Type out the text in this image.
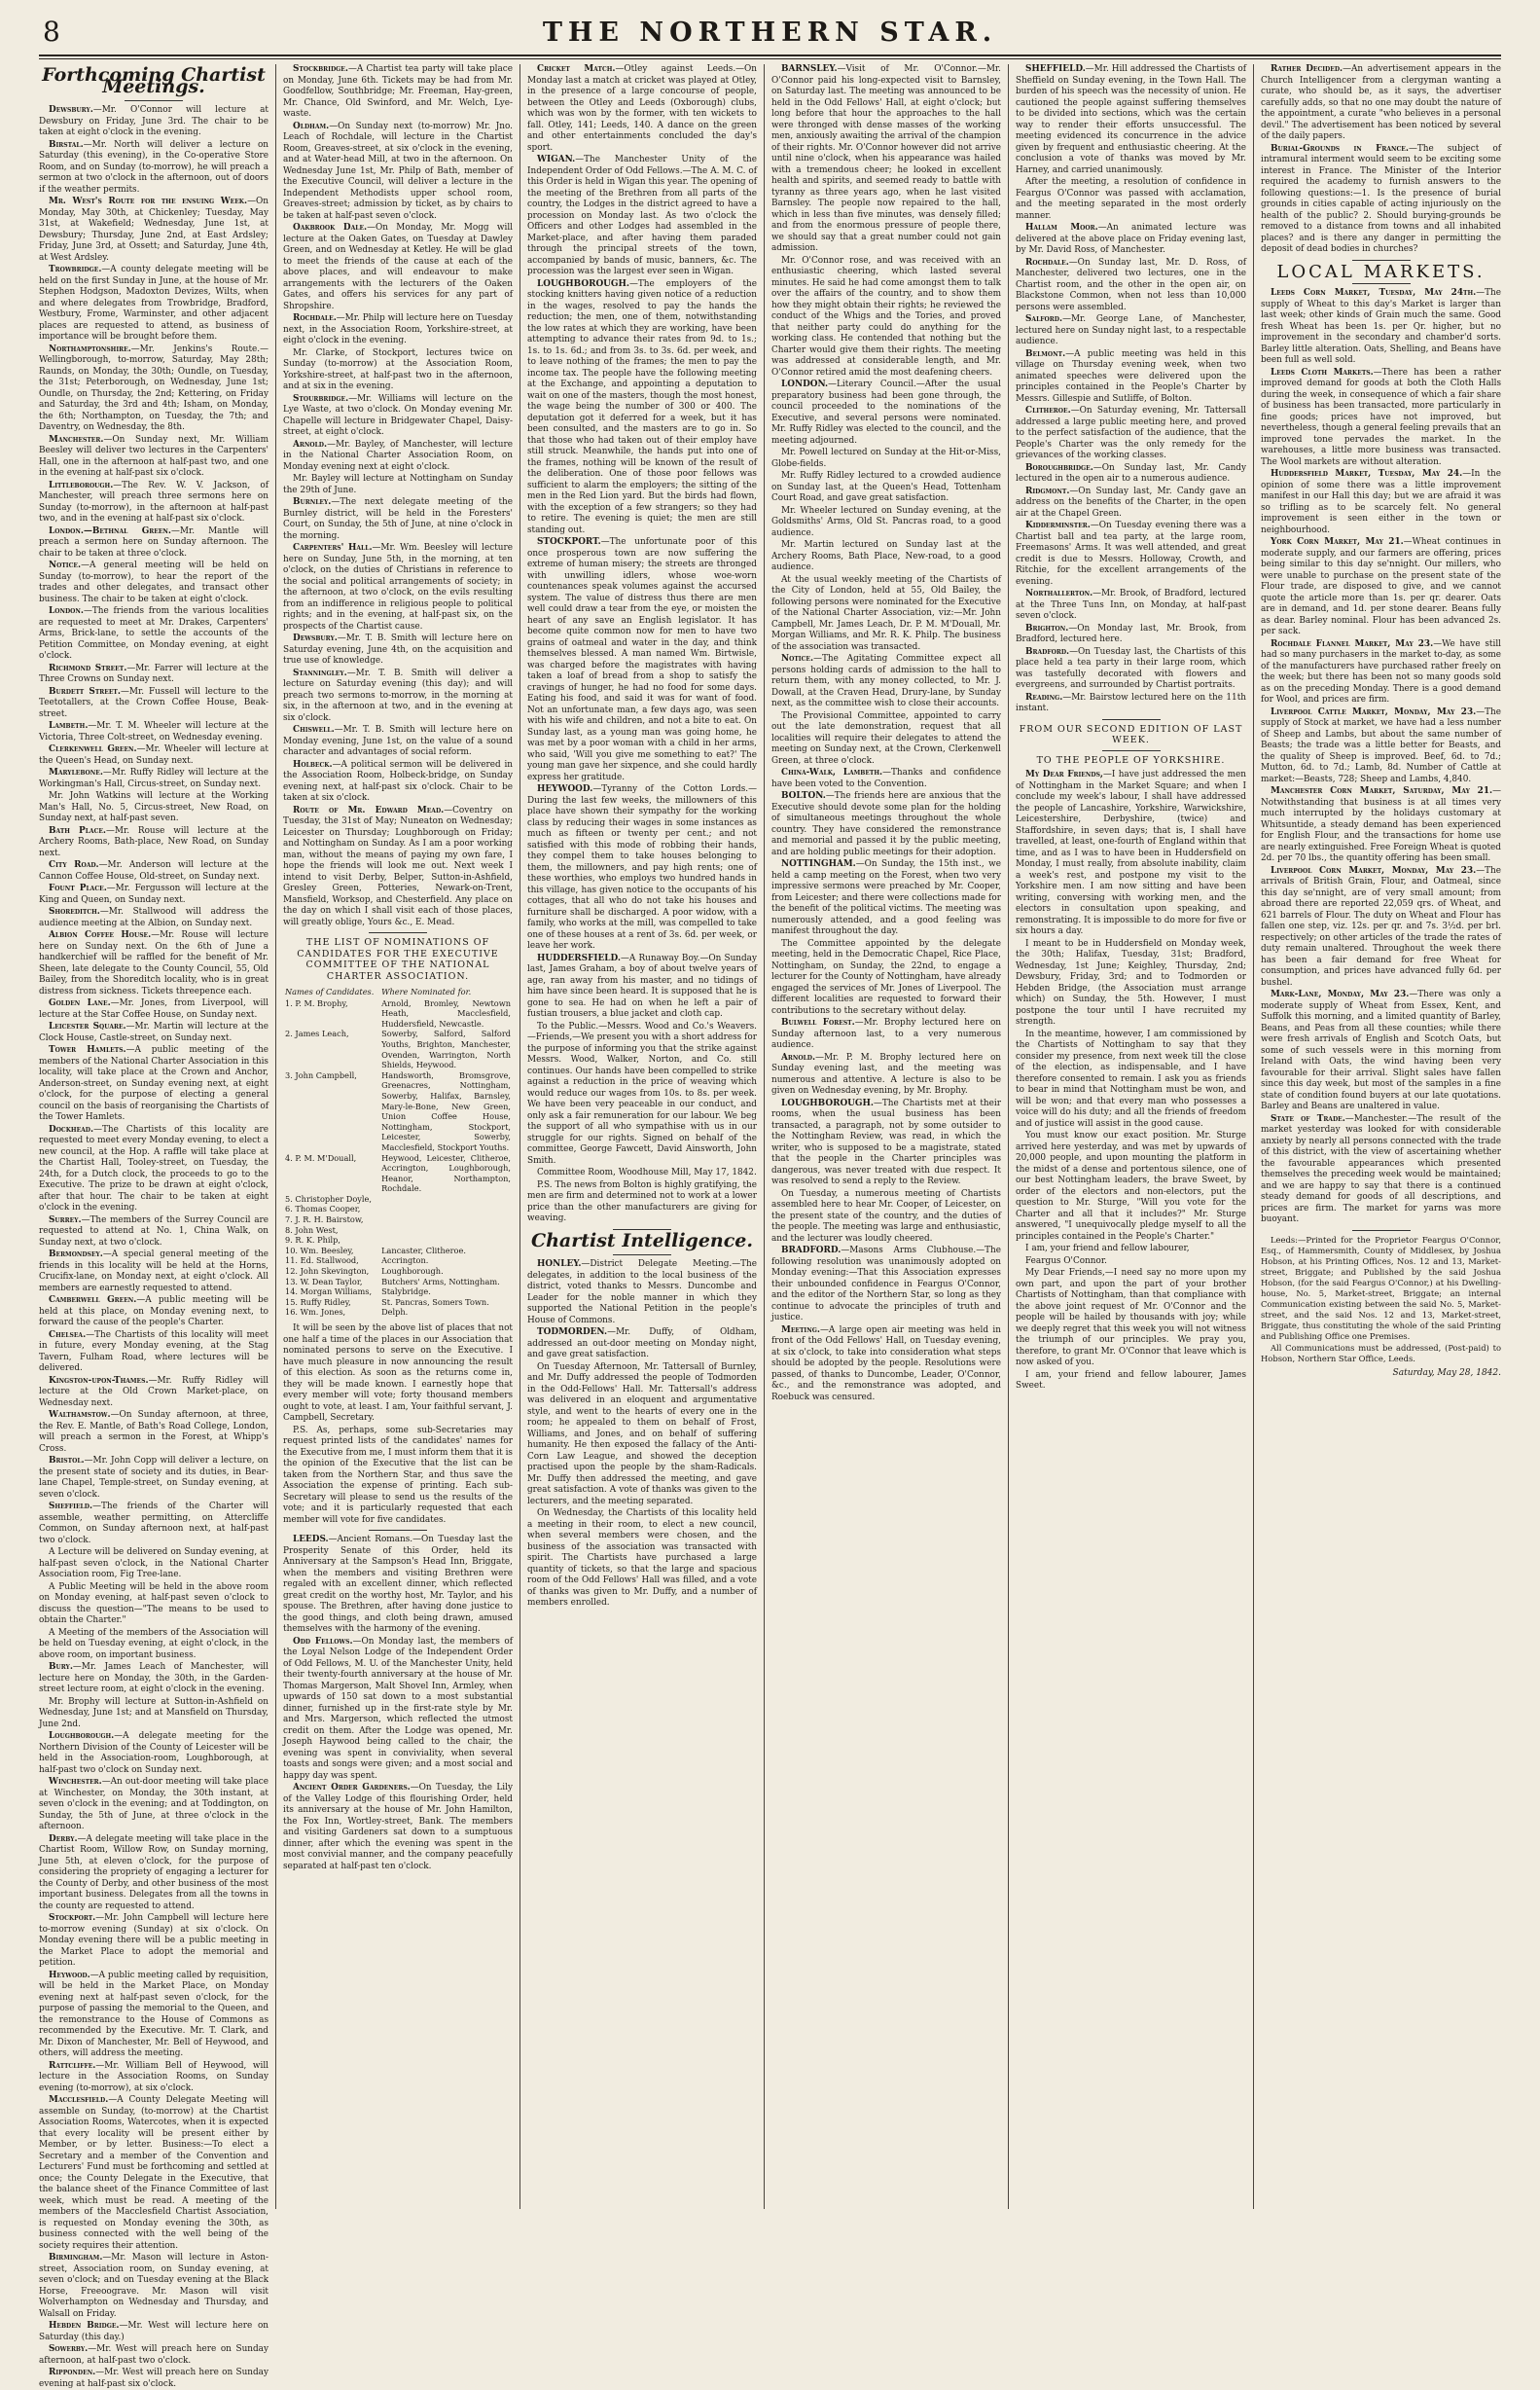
8	THE NORTHERN STAR.
Forthcoming Chartist Meetings.

Dewsbury.—Mr. O'Connor will lecture at Dewsbury on Friday, June 3rd. The chair to be taken at eight o'clock in the evening.

Birstal.—Mr. North will deliver a lecture on Saturday (this evening), in the Co-operative Store Room, and on Sunday (to-morrow), he will preach a sermon at two o'clock in the afternoon, out of doors if the weather permits.

Mr. West's Route for the ensuing Week.—On Monday, May 30th, at Chickenley; Tuesday, May 31st, at Wakefield; Wednesday, June 1st, at Dewsbury; Thursday, June 2nd, at East Ardsley; Friday, June 3rd, at Ossett; and Saturday, June 4th, at West Ardsley.

Trowbridge.—A county delegate meeting will be held on the first Sunday in June, at the house of Mr. Stephen Hodgson, Madoxton Devizes, Wilts, when and where delegates from Trowbridge, Bradford, Westbury, Frome, Warminster, and other adjacent places are requested to attend, as business of importance will be brought before them.

Northamptonshire.—Mr. Jenkins's Route.—Wellingborough, to-morrow, Saturday, May 28th; Raunds, on Monday, the 30th; Oundle, on Tuesday, the 31st; Peterborough, on Wednesday, June 1st; Oundle, on Thursday, the 2nd; Kettering, on Friday and Saturday, the 3rd and 4th; Isham, on Monday, the 6th; Northampton, on Tuesday, the 7th; and Daventry, on Wednesday, the 8th.

Manchester.—On Sunday next, Mr. William Beesley will deliver two lectures in the Carpenters' Hall, one in the afternoon at half-past two, and one in the evening at half-past six o'clock.

Littleborough.—The Rev. W. V. Jackson, of Manchester, will preach three sermons here on Sunday (to-morrow), in the afternoon at half-past two, and in the evening at half-past six o'clock.

London.—Bethnal Green.—Mr. Mantle will preach a sermon here on Sunday afternoon. The chair to be taken at three o'clock.

Notice.—A general meeting will be held on Sunday (to-morrow), to hear the report of the trades and other delegates, and transact other business. The chair to be taken at eight o'clock.

London.—The friends from the various localities are requested to meet at Mr. Drakes, Carpenters' Arms, Brick-lane, to settle the accounts of the Petition Committee, on Monday evening, at eight o'clock.

Richmond Street.—Mr. Farrer will lecture at the Three Crowns on Sunday next.

Burdett Street.—Mr. Fussell will lecture to the Teetotallers, at the Crown Coffee House, Beak-street.

Lambeth.—Mr. T. M. Wheeler will lecture at the Victoria, Three Colt-street, on Wednesday evening.

Clerkenwell Green.—Mr. Wheeler will lecture at the Queen's Head, on Sunday next.

Marylebone.—Mr. Ruffy Ridley will lecture at the Workingman's Hall, Circus-street, on Sunday next.

Mr. John Watkins will lecture at the Working Man's Hall, No. 5, Circus-street, New Road, on Sunday next, at half-past seven.

Bath Place.—Mr. Rouse will lecture at the Archery Rooms, Bath-place, New Road, on Sunday next.

City Road.—Mr. Anderson will lecture at the Cannon Coffee House, Old-street, on Sunday next.

Fount Place.—Mr. Fergusson will lecture at the King and Queen, on Sunday next.

Shoreditch.—Mr. Stallwood will address the audience meeting at the Albion, on Sunday next.

Albion Coffee House.—Mr. Rouse will lecture here on Sunday next. On the 6th of June a handkerchief will be raffled for the benefit of Mr. Sheen, late delegate to the County Council, 55, Old Bailey, from the Shoreditch locality, who is in great distress from sickness. Tickets threepence each.

Golden Lane.—Mr. Jones, from Liverpool, will lecture at the Star Coffee House, on Sunday next.

Leicester Square.—Mr. Martin will lecture at the Clock House, Castle-street, on Sunday next.

Tower Hamlets.—A public meeting of the members of the National Charter Association in this locality, will take place at the Crown and Anchor, Anderson-street, on Sunday evening next, at eight o'clock, for the purpose of electing a general council on the basis of reorganising the Chartists of the Tower Hamlets.

Dockhead.—The Chartists of this locality are requested to meet every Monday evening, to elect a new council, at the Hop. A raffle will take place at the Chartist Hall, Tooley-street, on Tuesday, the 24th, for a Dutch clock, the proceeds to go to the Executive. The prize to be drawn at eight o'clock, after that hour. The chair to be taken at eight o'clock in the evening.

Surrey.—The members of the Surrey Council are requested to attend at No. 1, China Walk, on Sunday next, at two o'clock.

Bermondsey.—A special general meeting of the friends in this locality will be held at the Horns, Crucifix-lane, on Monday next, at eight o'clock. All members are earnestly requested to attend.

Camberwell Green.—A public meeting will be held at this place, on Monday evening next, to forward the cause of the people's Charter.

Chelsea.—The Chartists of this locality will meet in future, every Monday evening, at the Stag Tavern, Fulham Road, where lectures will be delivered.

Kingston-upon-Thames.—Mr. Ruffy Ridley will lecture at the Old Crown Market-place, on Wednesday next.

Walthamstow.—On Sunday afternoon, at three, the Rev. E. Mantle, of Bath's Road College, London, will preach a sermon in the Forest, at Whipp's Cross.

Bristol.—Mr. John Copp will deliver a lecture, on the present state of society and its duties, in Bear-lane Chapel, Temple-street, on Sunday evening, at seven o'clock.

Sheffield.—The friends of the Charter will assemble, weather permitting, on Attercliffe Common, on Sunday afternoon next, at half-past two o'clock.

A Lecture will be delivered on Sunday evening, at half-past seven o'clock, in the National Charter Association room, Fig Tree-lane.

A Public Meeting will be held in the above room on Monday evening, at half-past seven o'clock to discuss the question—"The means to be used to obtain the Charter."

A Meeting of the members of the Association will be held on Tuesday evening, at eight o'clock, in the above room, on important business.

Bury.—Mr. James Leach of Manchester, will lecture here on Monday, the 30th, in the Garden-street lecture room, at eight o'clock in the evening.

Mr. Brophy will lecture at Sutton-in-Ashfield on Wednesday, June 1st; and at Mansfield on Thursday, June 2nd.

Loughborough.—A delegate meeting for the Northern Division of the County of Leicester will be held in the Association-room, Loughborough, at half-past two o'clock on Sunday next.

Winchester.—An out-door meeting will take place at Winchester, on Monday, the 30th instant, at seven o'clock in the evening; and at Toddington, on Sunday, the 5th of June, at three o'clock in the afternoon.

Derby.—A delegate meeting will take place in the Chartist Room, Willow Row, on Sunday morning, June 5th, at eleven o'clock, for the purpose of considering the propriety of engaging a lecturer for the County of Derby, and other business of the most important business. Delegates from all the towns in the county are requested to attend.

Stockport.—Mr. John Campbell will lecture here to-morrow evening (Sunday) at six o'clock. On Monday evening there will be a public meeting in the Market Place to adopt the memorial and petition.

Heywood.—A public meeting called by requisition, will be held in the Market Place, on Monday evening next at half-past seven o'clock, for the purpose of passing the memorial to the Queen, and the remonstrance to the House of Commons as recommended by the Executive. Mr. T. Clark, and Mr. Dixon of Manchester, Mr. Bell of Heywood, and others, will address the meeting.

Rattcliffe.—Mr. William Bell of Heywood, will lecture in the Association Rooms, on Sunday evening (to-morrow), at six o'clock.

Macclesfield.—A County Delegate Meeting will assemble on Sunday, (to-morrow) at the Chartist Association Rooms, Watercotes, when it is expected that every locality will be present either by Member, or by letter. Business:—To elect a Secretary and a member of the Convention and Lecturers' Fund must be forthcoming and settled at once; the County Delegate in the Executive, that the balance sheet of the Finance Committee of last week, which must be read. A meeting of the members of the Macclesfield Chartist Association, is requested on Monday evening the 30th, as business connected with the well being of the society requires their attention.

Birmingham.—Mr. Mason will lecture in Aston-street, Association room, on Sunday evening, at seven o'clock; and on Tuesday evening at the Black Horse, Freeoograve. Mr. Mason will visit Wolverhampton on Wednesday and Thursday, and Walsall on Friday.

Hebden Bridge.—Mr. West will lecture here on Saturday (this day.)

Sowerby.—Mr. West will preach here on Sunday afternoon, at half-past two o'clock.

Ripponden.—Mr. West will preach here on Sunday evening at half-past six o'clock.

Stockbridge.—A Chartist tea party will take place on Monday, June 6th. Tickets may be had from Mr. Goodfellow, Southbridge; Mr. Freeman, Hay-green, Mr. Chance, Old Swinford, and Mr. Welch, Lye-waste.

Oldham.—On Sunday next (to-morrow) Mr. Jno. Leach of Rochdale, will lecture in the Chartist Room, Greaves-street, at six o'clock in the evening, and at Water-head Mill, at two in the afternoon. On Wednesday June 1st, Mr. Philp of Bath, member of the Executive Council, will deliver a lecture in the Independent Methodists upper school room, Greaves-street; admission by ticket, as by chairs to be taken at half-past seven o'clock.

Oakbrook Dale.—On Monday, Mr. Mogg will lecture at the Oaken Gates, on Tuesday at Dawley Green, and on Wednesday at Ketley. He will be glad to meet the friends of the cause at each of the above places, and will endeavour to make arrangements with the lecturers of the Oaken Gates, and offers his services for any part of Shropshire.

Rochdale.—Mr. Philp will lecture here on Tuesday next, in the Association Room, Yorkshire-street, at eight o'clock in the evening.

Mr. Clarke, of Stockport, lectures twice on Sunday (to-morrow) at the Association Room, Yorkshire-street, at half-past two in the afternoon, and at six in the evening.

Stourbridge.—Mr. Williams will lecture on the Lye Waste, at two o'clock. On Monday evening Mr. Chapelle will lecture in Bridgewater Chapel, Daisy-street, at eight o'clock.

Arnold.—Mr. Bayley, of Manchester, will lecture in the National Charter Association Room, on Monday evening next at eight o'clock.

Mr. Bayley will lecture at Nottingham on Sunday the 29th of June.

Burnley.—The next delegate meeting of the Burnley district, will be held in the Foresters' Court, on Sunday, the 5th of June, at nine o'clock in the morning.

Carpenters' Hall.—Mr. Wm. Beesley will lecture here on Sunday, June 5th, in the morning, at ten o'clock, on the duties of Christians in reference to the social and political arrangements of society; in the afternoon, at two o'clock, on the evils resulting from an indifference in religious people to political rights; and in the evening, at half-past six, on the prospects of the Chartist cause.

Dewsbury.—Mr. T. B. Smith will lecture here on Saturday evening, June 4th, on the acquisition and true use of knowledge.

Stanningley.—Mr. T. B. Smith will deliver a lecture on Saturday evening (this day); and will preach two sermons to-morrow, in the morning at six, in the afternoon at two, and in the evening at six o'clock.

Chiswell.—Mr. T. B. Smith will lecture here on Monday evening, June 1st, on the value of a sound character and advantages of social reform.

Holbeck.—A political sermon will be delivered in the Association Room, Holbeck-bridge, on Sunday evening next, at half-past six o'clock. Chair to be taken at six o'clock.

Route of Mr. Edward Mead.—Coventry on Tuesday, the 31st of May; Nuneaton on Wednesday; Leicester on Thursday; Loughborough on Friday; and Nottingham on Sunday. As I am a poor working man, without the means of paying my own fare, I hope the friends will look me out. Next week I intend to visit Derby, Belper, Sutton-in-Ashfield, Gresley Green, Potteries, Newark-on-Trent, Mansfield, Worksop, and Chesterfield. Any place on the day on which I shall visit each of those places, will greatly oblige, Yours &c., E. Mead.

THE LIST OF NOMINATIONS OF CANDIDATES FOR THE EXECUTIVE COMMITTEE OF THE NATIONAL CHARTER ASSOCIATION.
Names of Candidates.	Where Nominated for.
1. P. M. Brophy,	Arnold, Bromley, Newtown Heath, Macclesfield, Huddersfield, Newcastle.
2. James Leach,	Sowerby, Salford, Salford Youths, Brighton, Manchester, Ovenden, Warrington, North Shields, Heywood.
3. John Campbell,	Handsworth, Bromsgrove, Greenacres, Nottingham, Sowerby, Halifax, Barnsley, Mary-le-Bone, New Green, Union Coffee House, Nottingham, Stockport, Leicester, Sowerby, Macclesfield, Stockport Youths.
4. P. M. M'Douall,	Heywood, Leicester, Clitheroe, Accrington, Loughborough, Heanor, Northampton, Rochdale.
5. Christopher Doyle,	
6. Thomas Cooper,	
7. J. R. H. Bairstow,	
8. John West,	
9. R. K. Philp,	
10. Wm. Beesley,	Lancaster, Clitheroe.
11. Ed. Stallwood,	Accrington.
12. John Skevington,	Loughborough.
13. W. Dean Taylor,	Butchers' Arms, Nottingham.
14. Morgan Williams,	Stalybridge.
15. Ruffy Ridley,	St. Pancras, Somers Town.
16. Wm. Jones,	Delph.

It will be seen by the above list of places that not one half a time of the places in our Association that nominated persons to serve on the Executive. I have much pleasure in now announcing the result of this election. As soon as the returns come in, they will be made known. I earnestly hope that every member will vote; forty thousand members ought to vote, at least. I am, Your faithful servant, J. Campbell, Secretary.

P.S. As, perhaps, some sub-Secretaries may request printed lists of the candidates' names for the Executive from me, I must inform them that it is the opinion of the Executive that the list can be taken from the Northern Star, and thus save the Association the expense of printing. Each sub-Secretary will please to send us the results of the vote; and it is particularly requested that each member will vote for five candidates.

LEEDS.—Ancient Romans.—On Tuesday last the Prosperity Senate of this Order, held its Anniversary at the Sampson's Head Inn, Briggate, when the members and visiting Brethren were regaled with an excellent dinner, which reflected great credit on the worthy host, Mr. Taylor, and his spouse. The Brethren, after having done justice to the good things, and cloth being drawn, amused themselves with the harmony of the evening.

Odd Fellows.—On Monday last, the members of the Loyal Nelson Lodge of the Independent Order of Odd Fellows, M. U. of the Manchester Unity, held their twenty-fourth anniversary at the house of Mr. Thomas Margerson, Malt Shovel Inn, Armley, when upwards of 150 sat down to a most substantial dinner, furnished up in the first-rate style by Mr. and Mrs. Margerson, which reflected the utmost credit on them. After the Lodge was opened, Mr. Joseph Haywood being called to the chair, the evening was spent in conviviality, when several toasts and songs were given; and a most social and happy day was spent.

Ancient Order Gardeners.—On Tuesday, the Lily of the Valley Lodge of this flourishing Order, held its anniversary at the house of Mr. John Hamilton, the Fox Inn, Wortley-street, Bank. The members and visiting Gardeners sat down to a sumptuous dinner, after which the evening was spent in the most convivial manner, and the company peacefully separated at half-past ten o'clock.

Cricket Match.—Otley against Leeds.—On Monday last a match at cricket was played at Otley, in the presence of a large concourse of people, between the Otley and Leeds (Oxborough) clubs, which was won by the former, with ten wickets to fall. Otley, 141; Leeds, 140. A dance on the green and other entertainments concluded the day's sport.

WIGAN.—The Manchester Unity of the Independent Order of Odd Fellows.—The A. M. C. of this Order is held in Wigan this year. The opening of the meeting of the Brethren from all parts of the country, the Lodges in the district agreed to have a procession on Monday last. As two o'clock the Officers and other Lodges had assembled in the Market-place, and after having them paraded through the principal streets of the town, accompanied by bands of music, banners, &c. The procession was the largest ever seen in Wigan.

LOUGHBOROUGH.—The employers of the stocking knitters having given notice of a reduction in the wages, resolved to pay the hands the reduction; the men, one of them, notwithstanding the low rates at which they are working, have been attempting to advance their rates from 9d. to 1s.; 1s. to 1s. 6d.; and from 3s. to 3s. 6d. per week, and to leave nothing of the frames; the men to pay the income tax. The people have the following meeting at the Exchange, and appointing a deputation to wait on one of the masters, though the most honest, the wage being the number of 300 or 400. The deputation got it deferred for a week, but it has been consulted, and the masters are to go in. So that those who had taken out of their employ have still struck. Meanwhile, the hands put into one of the frames, nothing will be known of the result of the deliberation. One of those poor fellows was sufficient to alarm the employers; the sitting of the men in the Red Lion yard. But the birds had flown, with the exception of a few strangers; so they had to retire. The evening is quiet; the men are still standing out.

STOCKPORT.—The unfortunate poor of this once prosperous town are now suffering the extreme of human misery; the streets are thronged with unwilling idlers, whose woe-worn countenances speak volumes against the accursed system. The value of distress thus there are men well could draw a tear from the eye, or moisten the heart of any save an English legislator. It has become quite common now for men to have two grains of oatmeal and water in the day, and think themselves blessed. A man named Wm. Birtwisle, was charged before the magistrates with having taken a loaf of bread from a shop to satisfy the cravings of hunger, he had no food for some days. Eating his food, and said it was for want of food. Not an unfortunate man, a few days ago, was seen with his wife and children, and not a bite to eat. On Sunday last, as a young man was going home, he was met by a poor woman with a child in her arms, who said, 'Will you give me something to eat?' The young man gave her sixpence, and she could hardly express her gratitude.

HEYWOOD.—Tyranny of the Cotton Lords.—During the last few weeks, the millowners of this place have shown their sympathy for the working class by reducing their wages in some instances as much as fifteen or twenty per cent.; and not satisfied with this mode of robbing their hands, they compel them to take houses belonging to them, the millowners, and pay high rents; one of these worthies, who employs two hundred hands in this village, has given notice to the occupants of his cottages, that all who do not take his houses and furniture shall be discharged. A poor widow, with a family, who works at the mill, was compelled to take one of these houses at a rent of 3s. 6d. per week, or leave her work.

HUDDERSFIELD.—A Runaway Boy.—On Sunday last, James Graham, a boy of about twelve years of age, ran away from his master, and no tidings of him have since been heard. It is supposed that he is gone to sea. He had on when he left a pair of fustian trousers, a blue jacket and cloth cap.

To the Public.—Messrs. Wood and Co.'s Weavers.—Friends,—We present you with a short address for the purpose of informing you that the strike against Messrs. Wood, Walker, Norton, and Co. still continues. Our hands have been compelled to strike against a reduction in the price of weaving which would reduce our wages from 10s. to 8s. per week. We have been very peaceable in our conduct, and only ask a fair remuneration for our labour. We beg the support of all who sympathise with us in our struggle for our rights. Signed on behalf of the committee, George Fawcett, David Ainsworth, John Smith.

Committee Room, Woodhouse Mill, May 17, 1842.

P.S. The news from Bolton is highly gratifying, the men are firm and determined not to work at a lower price than the other manufacturers are giving for weaving.

Chartist Intelligence.

HONLEY.—District Delegate Meeting.—The delegates, in addition to the local business of the district, voted thanks to Messrs. Duncombe and Leader for the noble manner in which they supported the National Petition in the people's House of Commons.

TODMORDEN.—Mr. Duffy, of Oldham, addressed an out-door meeting on Monday night, and gave great satisfaction.

On Tuesday Afternoon, Mr. Tattersall of Burnley, and Mr. Duffy addressed the people of Todmorden in the Odd-Fellows' Hall. Mr. Tattersall's address was delivered in an eloquent and argumentative style, and went to the hearts of every one in the room; he appealed to them on behalf of Frost, Williams, and Jones, and on behalf of suffering humanity. He then exposed the fallacy of the Anti-Corn Law League, and showed the deception practised upon the people by the sham-Radicals. Mr. Duffy then addressed the meeting, and gave great satisfaction. A vote of thanks was given to the lecturers, and the meeting separated.

On Wednesday, the Chartists of this locality held a meeting in their room, to elect a new council, when several members were chosen, and the business of the association was transacted with spirit. The Chartists have purchased a large quantity of tickets, so that the large and spacious room of the Odd Fellows' Hall was filled, and a vote of thanks was given to Mr. Duffy, and a number of members enrolled.

BARNSLEY.—Visit of Mr. O'Connor.—Mr. O'Connor paid his long-expected visit to Barnsley, on Saturday last. The meeting was announced to be held in the Odd Fellows' Hall, at eight o'clock; but long before that hour the approaches to the hall were thronged with dense masses of the working men, anxiously awaiting the arrival of the champion of their rights. Mr. O'Connor however did not arrive until nine o'clock, when his appearance was hailed with a tremendous cheer; he looked in excellent health and spirits, and seemed ready to battle with tyranny as three years ago, when he last visited Barnsley. The people now repaired to the hall, which in less than five minutes, was densely filled; and from the enormous pressure of people there, we should say that a great number could not gain admission.

Mr. O'Connor rose, and was received with an enthusiastic cheering, which lasted several minutes. He said he had come amongst them to talk over the affairs of the country, and to show them how they might obtain their rights; he reviewed the conduct of the Whigs and the Tories, and proved that neither party could do anything for the working class. He contended that nothing but the Charter would give them their rights. The meeting was addressed at considerable length, and Mr. O'Connor retired amid the most deafening cheers.

LONDON.—Literary Council.—After the usual preparatory business had been gone through, the council proceeded to the nominations of the Executive, and several persons were nominated. Mr. Ruffy Ridley was elected to the council, and the meeting adjourned.

Mr. Powell lectured on Sunday at the Hit-or-Miss, Globe-fields.

Mr. Ruffy Ridley lectured to a crowded audience on Sunday last, at the Queen's Head, Tottenham Court Road, and gave great satisfaction.

Mr. Wheeler lectured on Sunday evening, at the Goldsmiths' Arms, Old St. Pancras road, to a good audience.

Mr. Martin lectured on Sunday last at the Archery Rooms, Bath Place, New-road, to a good audience.

At the usual weekly meeting of the Chartists of the City of London, held at 55, Old Bailey, the following persons were nominated for the Executive of the National Charter Association, viz:—Mr. John Campbell, Mr. James Leach, Dr. P. M. M'Douall, Mr. Morgan Williams, and Mr. R. K. Philp. The business of the association was transacted.

Notice.—The Agitating Committee expect all persons holding cards of admission to the hall to return them, with any money collected, to Mr. J. Dowall, at the Craven Head, Drury-lane, by Sunday next, as the committee wish to close their accounts.

The Provisional Committee, appointed to carry out the late demonstration, request that all localities will require their delegates to attend the meeting on Sunday next, at the Crown, Clerkenwell Green, at three o'clock.

China-Walk, Lambeth.—Thanks and confidence have been voted to the Convention.

BOLTON.—The friends here are anxious that the Executive should devote some plan for the holding of simultaneous meetings throughout the whole country. They have considered the remonstrance and memorial and passed it by the public meeting, and are holding public meetings for their adoption.

NOTTINGHAM.—On Sunday, the 15th inst., we held a camp meeting on the Forest, when two very impressive sermons were preached by Mr. Cooper, from Leicester; and there were collections made for the benefit of the political victims. The meeting was numerously attended, and a good feeling was manifest throughout the day.

The Committee appointed by the delegate meeting, held in the Democratic Chapel, Rice Place, Nottingham, on Sunday, the 22nd, to engage a lecturer for the County of Nottingham, have already engaged the services of Mr. Jones of Liverpool. The different localities are requested to forward their contributions to the secretary without delay.

Bulwell Forest.—Mr. Brophy lectured here on Sunday afternoon last, to a very numerous audience.

Arnold.—Mr. P. M. Brophy lectured here on Sunday evening last, and the meeting was numerous and attentive. A lecture is also to be given on Wednesday evening, by Mr. Brophy.

LOUGHBOROUGH.—The Chartists met at their rooms, when the usual business has been transacted, a paragraph, not by some outsider to the Nottingham Review, was read, in which the writer, who is supposed to be a magistrate, stated that the people in the Charter principles was dangerous, was never treated with due respect. It was resolved to send a reply to the Review.

On Tuesday, a numerous meeting of Chartists assembled here to hear Mr. Cooper, of Leicester, on the present state of the country, and the duties of the people. The meeting was large and enthusiastic, and the lecturer was loudly cheered.

BRADFORD.—Masons Arms Clubhouse.—The following resolution was unanimously adopted on Monday evening:—That this Association expresses their unbounded confidence in Feargus O'Connor, and the editor of the Northern Star, so long as they continue to advocate the principles of truth and justice.

Meeting.—A large open air meeting was held in front of the Odd Fellows' Hall, on Tuesday evening, at six o'clock, to take into consideration what steps should be adopted by the people. Resolutions were passed, of thanks to Duncombe, Leader, O'Connor, &c., and the remonstrance was adopted, and Roebuck was censured.

SHEFFIELD.—Mr. Hill addressed the Chartists of Sheffield on Sunday evening, in the Town Hall. The burden of his speech was the necessity of union. He cautioned the people against suffering themselves to be divided into sections, which was the certain way to render their efforts unsuccessful. The meeting evidenced its concurrence in the advice given by frequent and enthusiastic cheering. At the conclusion a vote of thanks was moved by Mr. Harney, and carried unanimously.

After the meeting, a resolution of confidence in Feargus O'Connor was passed with acclamation, and the meeting separated in the most orderly manner.

Hallam Moor.—An animated lecture was delivered at the above place on Friday evening last, by Mr. David Ross, of Manchester.

Rochdale.—On Sunday last, Mr. D. Ross, of Manchester, delivered two lectures, one in the Chartist room, and the other in the open air, on Blackstone Common, when not less than 10,000 persons were assembled.

Salford.—Mr. George Lane, of Manchester, lectured here on Sunday night last, to a respectable audience.

Belmont.—A public meeting was held in this village on Thursday evening week, when two animated speeches were delivered upon the principles contained in the People's Charter by Messrs. Gillespie and Sutliffe, of Bolton.

Clitheroe.—On Saturday evening, Mr. Tattersall addressed a large public meeting here, and proved to the perfect satisfaction of the audience, that the People's Charter was the only remedy for the grievances of the working classes.

Boroughbridge.—On Sunday last, Mr. Candy lectured in the open air to a numerous audience.

Ridgmont.—On Sunday last, Mr. Candy gave an address on the benefits of the Charter, in the open air at the Chapel Green.

Kidderminster.—On Tuesday evening there was a Chartist ball and tea party, at the large room, Freemasons' Arms. It was well attended, and great credit is due to Messrs. Holloway, Crowth, and Ritchie, for the excellent arrangements of the evening.

Northallerton.—Mr. Brook, of Bradford, lectured at the Three Tuns Inn, on Monday, at half-past seven o'clock.

Brighton.—On Monday last, Mr. Brook, from Bradford, lectured here.

Bradford.—On Tuesday last, the Chartists of this place held a tea party in their large room, which was tastefully decorated with flowers and evergreens, and surrounded by Chartist portraits.

Reading.—Mr. Bairstow lectured here on the 11th instant.

FROM OUR SECOND EDITION OF LAST WEEK.
TO THE PEOPLE OF YORKSHIRE.

My Dear Friends,—I have just addressed the men of Nottingham in the Market Square; and when I conclude my week's labour, I shall have addressed the people of Lancashire, Yorkshire, Warwickshire, Leicestershire, Derbyshire, (twice) and Staffordshire, in seven days; that is, I shall have travelled, at least, one-fourth of England within that time, and as I was to have been in Huddersfield on Monday, I must really, from absolute inability, claim a week's rest, and postpone my visit to the Yorkshire men. I am now sitting and have been writing, conversing with working men, and the electors in consultation upon speaking, and remonstrating. It is impossible to do more for five or six hours a day.

I meant to be in Huddersfield on Monday week, the 30th; Halifax, Tuesday, 31st; Bradford, Wednesday, 1st June; Keighley, Thursday, 2nd; Dewsbury, Friday, 3rd; and to Todmorden or Hebden Bridge, (the Association must arrange which) on Sunday, the 5th. However, I must postpone the tour until I have recruited my strength.

In the meantime, however, I am commissioned by the Chartists of Nottingham to say that they consider my presence, from next week till the close of the election, as indispensable, and I have therefore consented to remain. I ask you as friends to bear in mind that Nottingham must be won, and will be won; and that every man who possesses a voice will do his duty; and all the friends of freedom and of justice will assist in the good cause.

You must know our exact position. Mr. Sturge arrived here yesterday, and was met by upwards of 20,000 people, and upon mounting the platform in the midst of a dense and portentous silence, one of our best Nottingham leaders, the brave Sweet, by order of the electors and non-electors, put the question to Mr. Sturge, "Will you vote for the Charter and all that it includes?" Mr. Sturge answered, "I unequivocally pledge myself to all the principles contained in the People's Charter."

I am, your friend and fellow labourer,

Feargus O'Connor.

My Dear Friends,—I need say no more upon my own part, and upon the part of your brother Chartists of Nottingham, than that compliance with the above joint request of Mr. O'Connor and the people will be hailed by thousands with joy; while we deeply regret that this week you will not witness the triumph of our principles. We pray you, therefore, to grant Mr. O'Connor that leave which is now asked of you.

I am, your friend and fellow labourer, James Sweet.

Rather Decided.—An advertisement appears in the Church Intelligencer from a clergyman wanting a curate, who should be, as it says, the advertiser carefully adds, so that no one may doubt the nature of the appointment, a curate "who believes in a personal devil." The advertisement has been noticed by several of the daily papers.

Burial-Grounds in France.—The subject of intramural interment would seem to be exciting some interest in France. The Minister of the Interior required the academy to furnish answers to the following questions:—1. Is the presence of burial grounds in cities capable of acting injuriously on the health of the public? 2. Should burying-grounds be removed to a distance from towns and all inhabited places? and is there any danger in permitting the deposit of dead bodies in churches?

LOCAL MARKETS.

Leeds Corn Market, Tuesday, May 24th.—The supply of Wheat to this day's Market is larger than last week; other kinds of Grain much the same. Good fresh Wheat has been 1s. per Qr. higher, but no improvement in the secondary and chamber'd sorts. Barley little alteration. Oats, Shelling, and Beans have been full as well sold.

Leeds Cloth Markets.—There has been a rather improved demand for goods at both the Cloth Halls during the week, in consequence of which a fair share of business has been transacted, more particularly in fine goods; prices have not improved, but nevertheless, though a general feeling prevails that an improved tone pervades the market. In the warehouses, a little more business was transacted. The Wool markets are without alteration.

Huddersfield Market, Tuesday, May 24.—In the opinion of some there was a little improvement manifest in our Hall this day; but we are afraid it was so trifling as to be scarcely felt. No general improvement is seen either in the town or neighbourhood.

York Corn Market, May 21.—Wheat continues in moderate supply, and our farmers are offering, prices being similar to this day se'nnight. Our millers, who were unable to purchase on the present state of the Flour trade, are disposed to give, and we cannot quote the article more than 1s. per qr. dearer. Oats are in demand, and 1d. per stone dearer. Beans fully as dear. Barley nominal. Flour has been advanced 2s. per sack.

Rochdale Flannel Market, May 23.—We have still had so many purchasers in the market to-day, as some of the manufacturers have purchased rather freely on the week; but there has been not so many goods sold as on the preceding Monday. There is a good demand for Wool, and prices are firm.

Liverpool Cattle Market, Monday, May 23.—The supply of Stock at market, we have had a less number of Sheep and Lambs, but about the same number of Beasts; the trade was a little better for Beasts, and the quality of Sheep is improved. Beef, 6d. to 7d.; Mutton, 6d. to 7d.; Lamb, 8d. Number of Cattle at market:—Beasts, 728; Sheep and Lambs, 4,840.

Manchester Corn Market, Saturday, May 21.—Notwithstanding that business is at all times very much interrupted by the holidays customary at Whitsuntide, a steady demand has been experienced for English Flour, and the transactions for home use are nearly extinguished. Free Foreign Wheat is quoted 2d. per 70 lbs., the quantity offering has been small.

Liverpool Corn Market, Monday, May 23.—The arrivals of British Grain, Flour, and Oatmeal, since this day se'nnight, are of very small amount; from abroad there are reported 22,059 qrs. of Wheat, and 621 barrels of Flour. The duty on Wheat and Flour has fallen one step, viz. 12s. per qr. and 7s. 3½d. per brl. respectively; on other articles of the trade the rates of duty remain unaltered. Throughout the week there has been a fair demand for free Wheat for consumption, and prices have advanced fully 6d. per bushel.

Mark-Lane, Monday, May 23.—There was only a moderate supply of Wheat from Essex, Kent, and Suffolk this morning, and a limited quantity of Barley, Beans, and Peas from all these counties; while there were fresh arrivals of English and Scotch Oats, but some of such vessels were in this morning from Ireland with Oats, the wind having been very favourable for their arrival. Slight sales have fallen since this day week, but most of the samples in a fine state of condition found buyers at our late quotations. Barley and Beans are unaltered in value.

State of Trade.—Manchester.—The result of the market yesterday was looked for with considerable anxiety by nearly all persons connected with the trade of this district, with the view of ascertaining whether the favourable appearances which presented themselves the preceding week would be maintained; and we are happy to say that there is a continued steady demand for goods of all descriptions, and prices are firm. The market for yarns was more buoyant.

Leeds:—Printed for the Proprietor Feargus O'Connor, Esq., of Hammersmith, County of Middlesex, by Joshua Hobson, at his Printing Offices, Nos. 12 and 13, Market-street, Briggate; and Published by the said Joshua Hobson, (for the said Feargus O'Connor,) at his Dwelling-house, No. 5, Market-street, Briggate; an internal Communication existing between the said No. 5, Market-street, and the said Nos. 12 and 13, Market-street, Briggate, thus constituting the whole of the said Printing and Publishing Office one Premises.

All Communications must be addressed, (Post-paid) to Hobson, Northern Star Office, Leeds.

Saturday, May 28, 1842.
